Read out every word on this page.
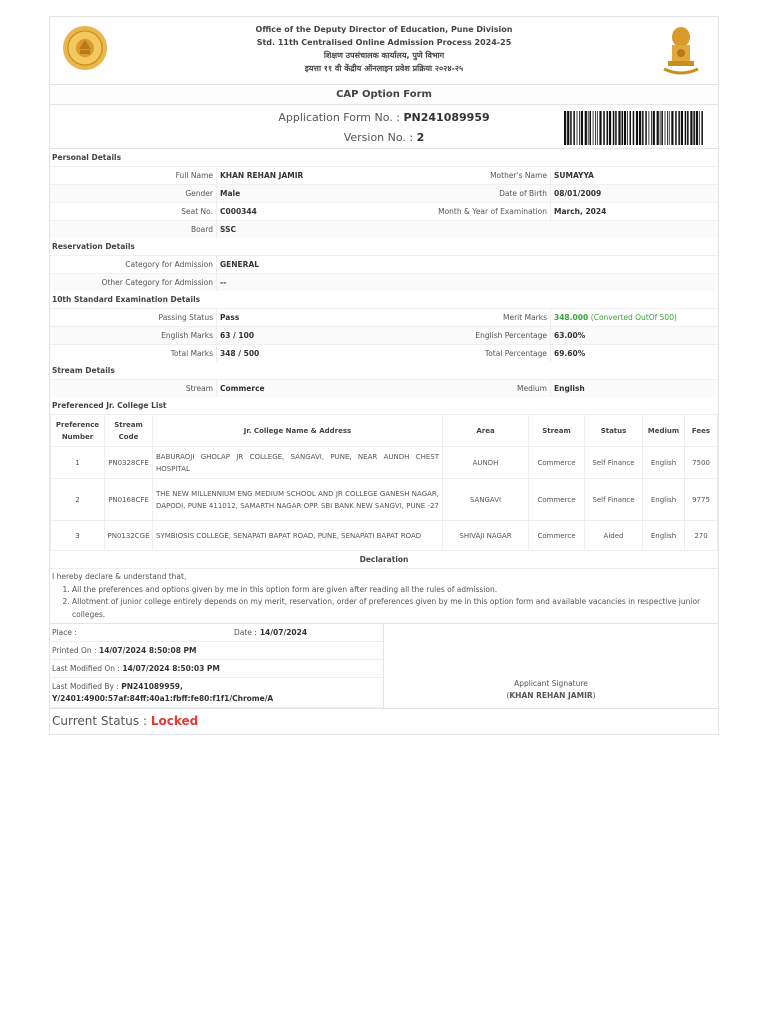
Office of the Deputy Director of Education, Pune Division
Std. 11th Centralised Online Admission Process 2024-25
शिक्षण उपसंचालक कार्यालय, पुणे विभाग
इयत्ता ११ वी केंद्रीय ऑनलाइन प्रवेश प्रक्रिया २०२४-२५
CAP Option Form
Application Form No. : PN241089959
Version No. : 2
Personal Details
Full Name KHAN REHAN JAMIR	Mother's Name SUMAYYA
Gender Male	Date of Birth 08/01/2009
Seat No. C000344	Month & Year of Examination March, 2024
Board SSC
Reservation Details
Category for Admission GENERAL
Other Category for Admission --
10th Standard Examination Details
Passing Status Pass	Merit Marks 348.000 (Converted OutOf 500)
English Marks 63 / 100	English Percentage 63.00%
Total Marks 348 / 500	Total Percentage 69.60%
Stream Details
Stream Commerce	Medium English
Preferenced Jr. College List
Preference Number	Stream Code	Jr. College Name & Address	Area	Stream	Status	Medium	Fees
1	PN0328CFE	BABURAOJI GHOLAP JR COLLEGE, SANGAVI, PUNE, NEAR AUNDH CHEST HOSPITAL	AUNDH	Commerce	Self Finance	English	7500
2	PN0168CFE	THE NEW MILLENNIUM ENG MEDIUM SCHOOL AND JR COLLEGE GANESH NAGAR, DAPODI, PUNE 411012, SAMARTH NAGAR OPP. SBI BANK NEW SANGVI, PUNE -27	SANGAVI	Commerce	Self Finance	English	9775
3	PN0132CGE	SYMBIOSIS COLLEGE, SENAPATI BAPAT ROAD, PUNE, SENAPATI BAPAT ROAD	SHIVAJI NAGAR	Commerce	Aided	English	270
Declaration
I hereby declare & understand that,
1. All the preferences and options given by me in this option form are given after reading all the rules of admission.
2. Allotment of junior college entirely depends on my merit, reservation, order of preferences given by me in this option form and available vacancies in respective junior colleges.
Place :	Date : 14/07/2024
Printed On : 14/07/2024 8:50:08 PM
Last Modified On : 14/07/2024 8:50:03 PM
Last Modified By : PN241089959,
Y/2401:4900:57af:84ff:40a1:fbff:fe80:f1f1/Chrome/A
Applicant Signature
(KHAN REHAN JAMIR)
Current Status : Locked
